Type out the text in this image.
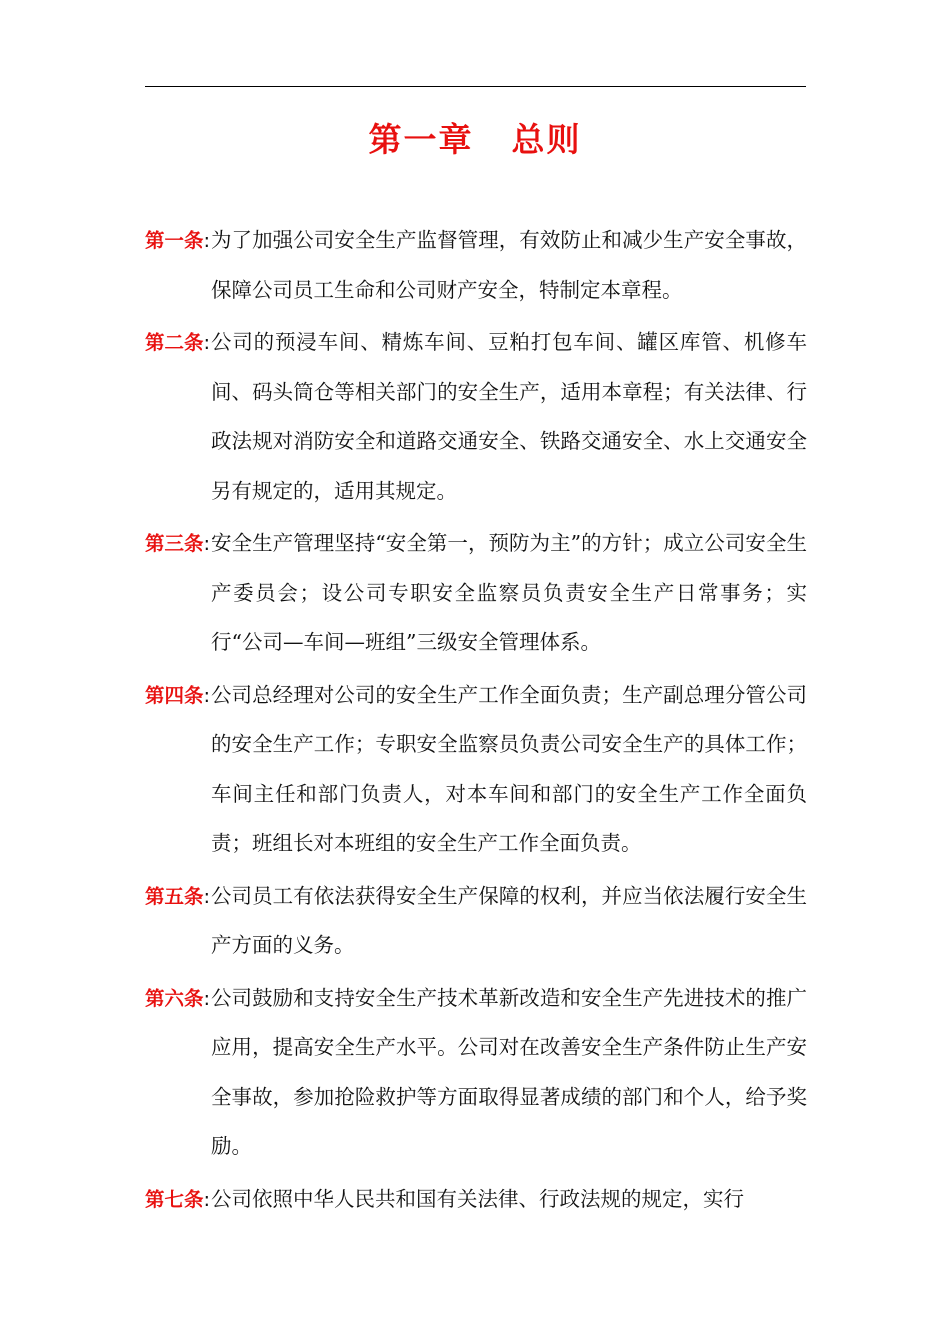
第一章 总则
第一条: 为了加强公司安全生产监督管理，有效防止和减少生产安全事故，保障公司员工生命和公司财产安全，特制定本章程。
第二条: 公司的预浸车间、精炼车间、豆粕打包车间、罐区库管、机修车间、码头筒仓等相关部门的安全生产，适用本章程；有关法律、行政法规对消防安全和道路交通安全、铁路交通安全、水上交通安全另有规定的，适用其规定。
第三条: 安全生产管理坚持“安全第一，预防为主”的方针；成立公司安全生产委员会；设公司专职安全监察员负责安全生产日常事务；实行“公司—车间—班组”三级安全管理体系。
第四条: 公司总经理对公司的安全生产工作全面负责；生产副总理分管公司的安全生产工作；专职安全监察员负责公司安全生产的具体工作；车间主任和部门负责人，对本车间和部门的安全生产工作全面负责；班组长对本班组的安全生产工作全面负责。
第五条: 公司员工有依法获得安全生产保障的权利，并应当依法履行安全生产方面的义务。
第六条: 公司鼓励和支持安全生产技术革新改造和安全生产先进技术的推广应用，提高安全生产水平。公司对在改善安全生产条件防止生产安全事故，参加抢险救护等方面取得显著成绩的部门和个人，给予奖励。
第七条: 公司依照中华人民共和国有关法律、行政法规的规定，实行
